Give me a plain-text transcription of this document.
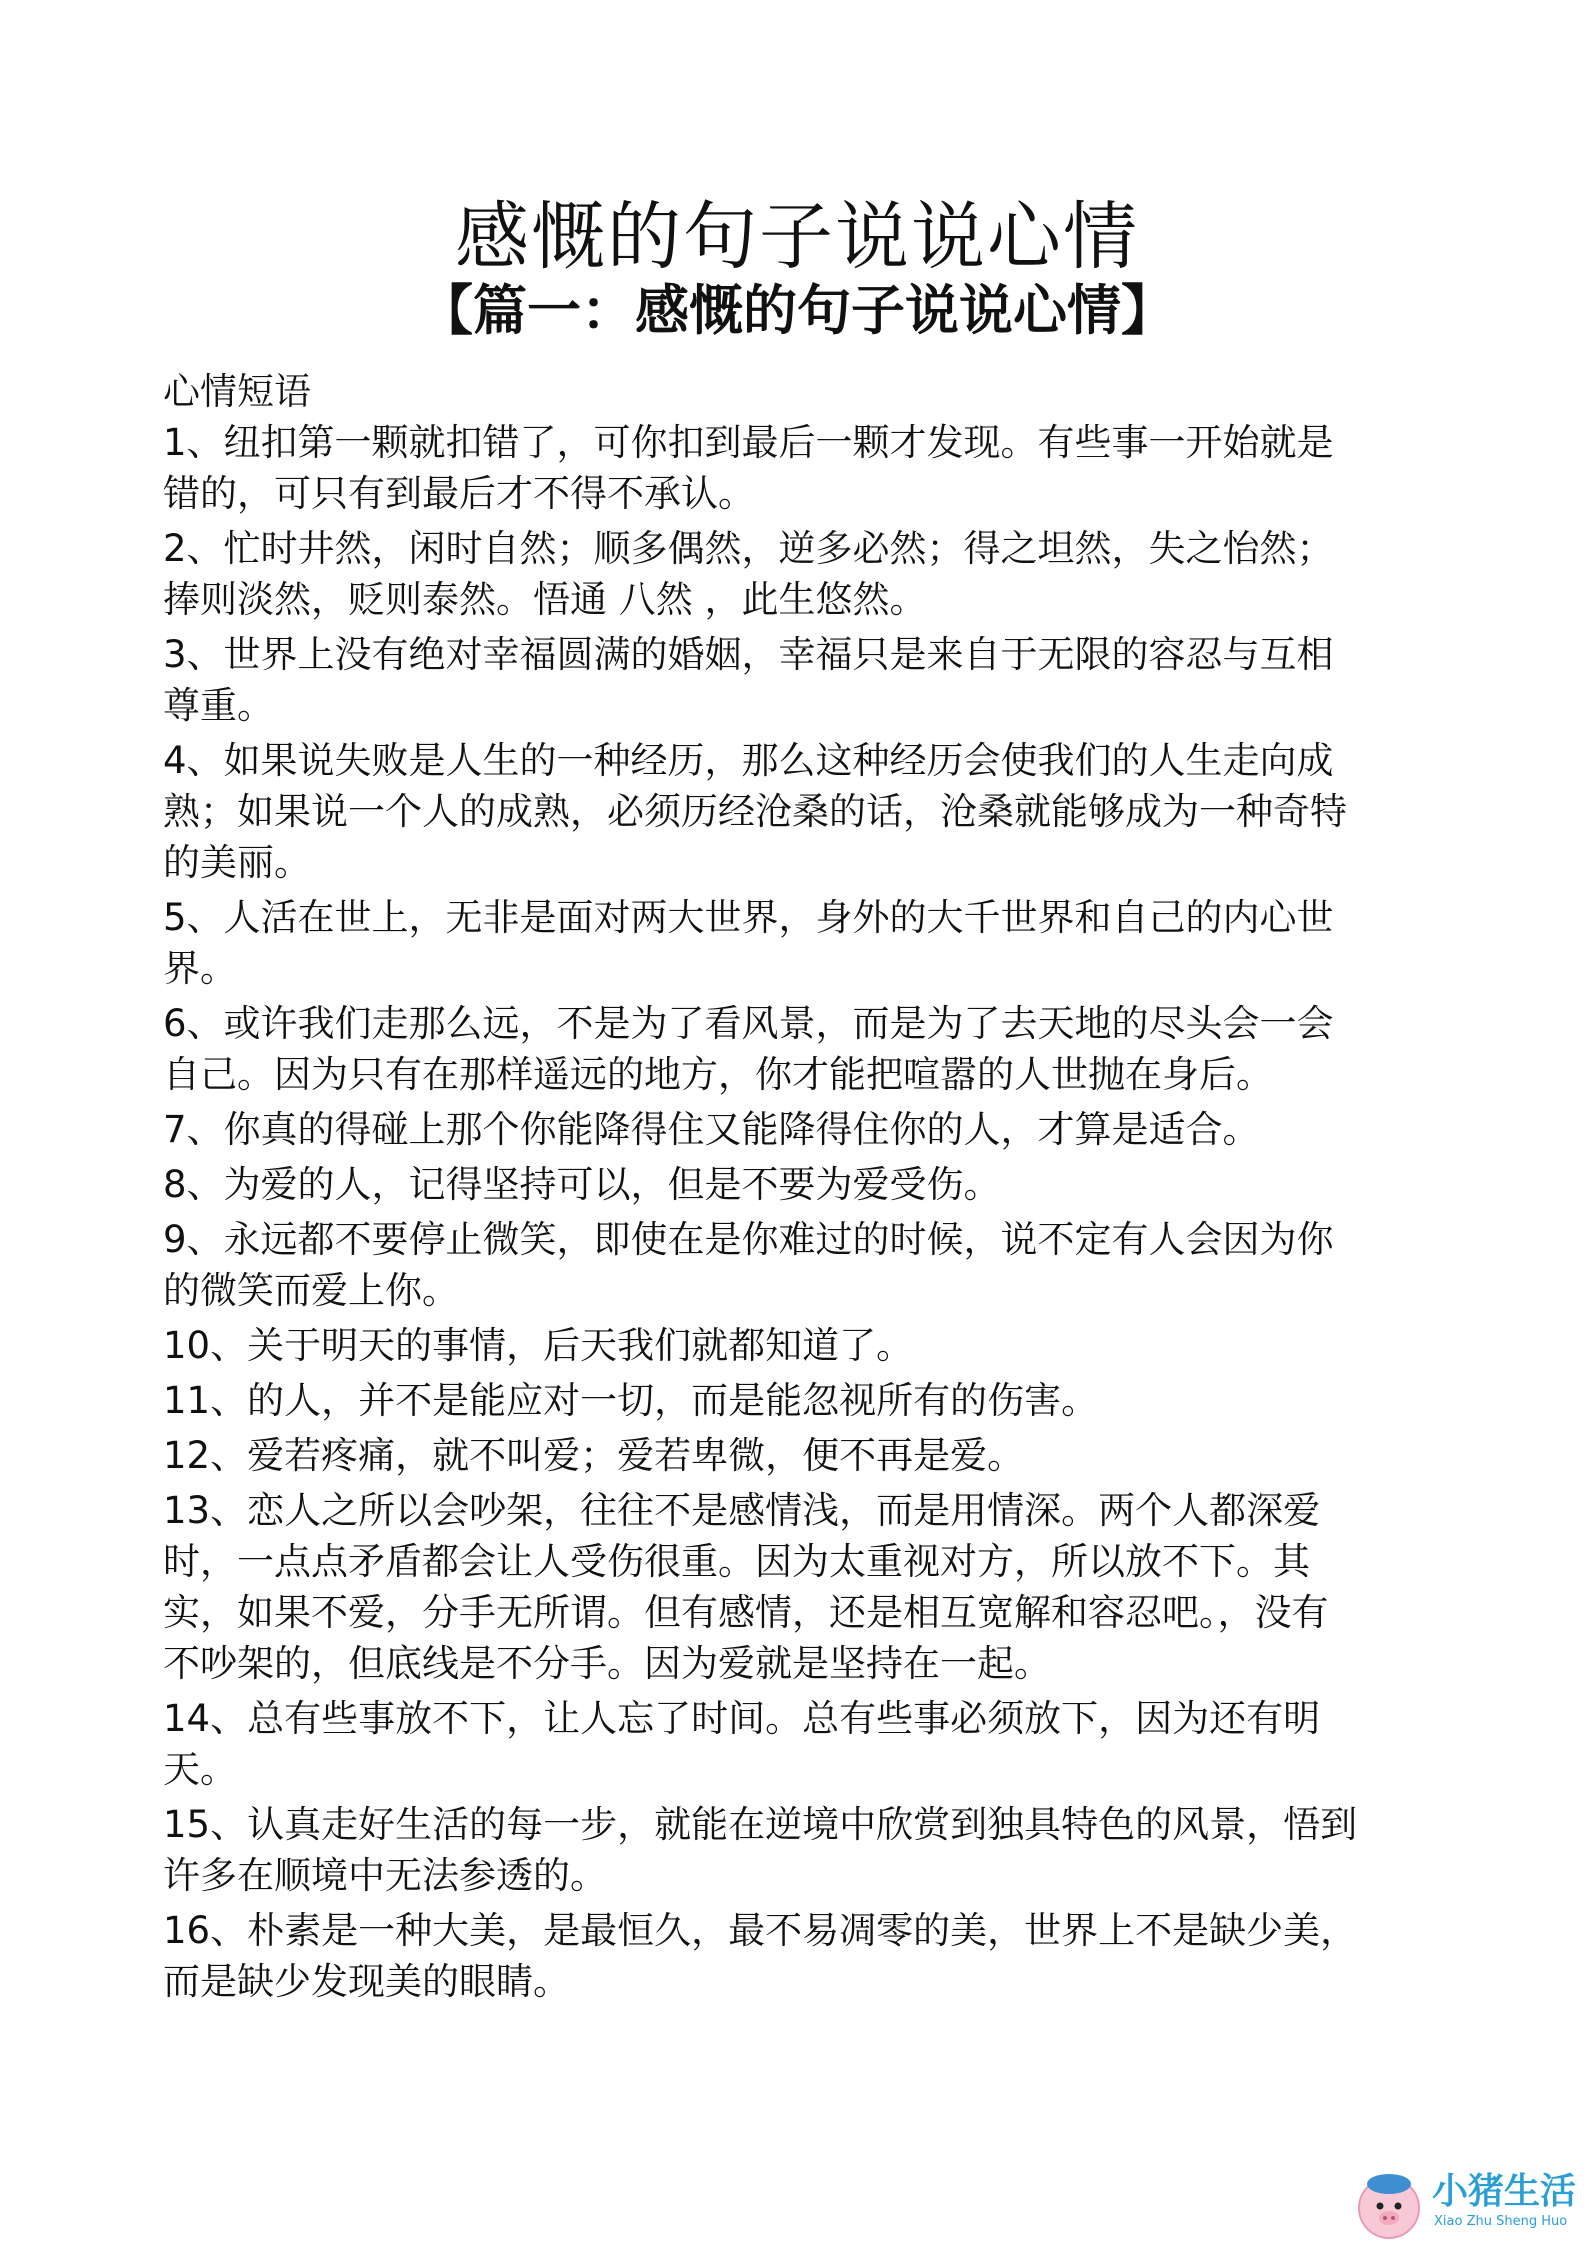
感慨的句子说说心情
【篇一：感慨的句子说说心情】

心情短语

1、纽扣第一颗就扣错了，可你扣到最后一颗才发现。有些事一开始就是错的，可只有到最后才不得不承认。

2、忙时井然，闲时自然；顺多偶然，逆多必然；得之坦然，失之怡然；捧则淡然，贬则泰然。悟通 八然 ，此生悠然。

3、世界上没有绝对幸福圆满的婚姻，幸福只是来自于无限的容忍与互相尊重。

4、如果说失败是人生的一种经历，那么这种经历会使我们的人生走向成熟；如果说一个人的成熟，必须历经沧桑的话，沧桑就能够成为一种奇特的美丽。

5、人活在世上，无非是面对两大世界，身外的大千世界和自己的内心世界。

6、或许我们走那么远，不是为了看风景，而是为了去天地的尽头会一会自己。因为只有在那样遥远的地方，你才能把喧嚣的人世抛在身后。

7、你真的得碰上那个你能降得住又能降得住你的人，才算是适合。

8、为爱的人，记得坚持可以，但是不要为爱受伤。

9、永远都不要停止微笑，即使在是你难过的时候，说不定有人会因为你的微笑而爱上你。

10、关于明天的事情，后天我们就都知道了。

11、的人，并不是能应对一切，而是能忽视所有的伤害。

12、爱若疼痛，就不叫爱；爱若卑微，便不再是爱。

13、恋人之所以会吵架，往往不是感情浅，而是用情深。两个人都深爱时，一点点矛盾都会让人受伤很重。因为太重视对方，所以放不下。其实，如果不爱，分手无所谓。但有感情，还是相互宽解和容忍吧。，没有不吵架的，但底线是不分手。因为爱就是坚持在一起。

14、总有些事放不下，让人忘了时间。总有些事必须放下，因为还有明天。

15、认真走好生活的每一步，就能在逆境中欣赏到独具特色的风景，悟到许多在顺境中无法参透的。

16、朴素是一种大美，是最恒久，最不易凋零的美，世界上不是缺少美，而是缺少发现美的眼睛。

小猪生活
Xiao Zhu Sheng Huo
